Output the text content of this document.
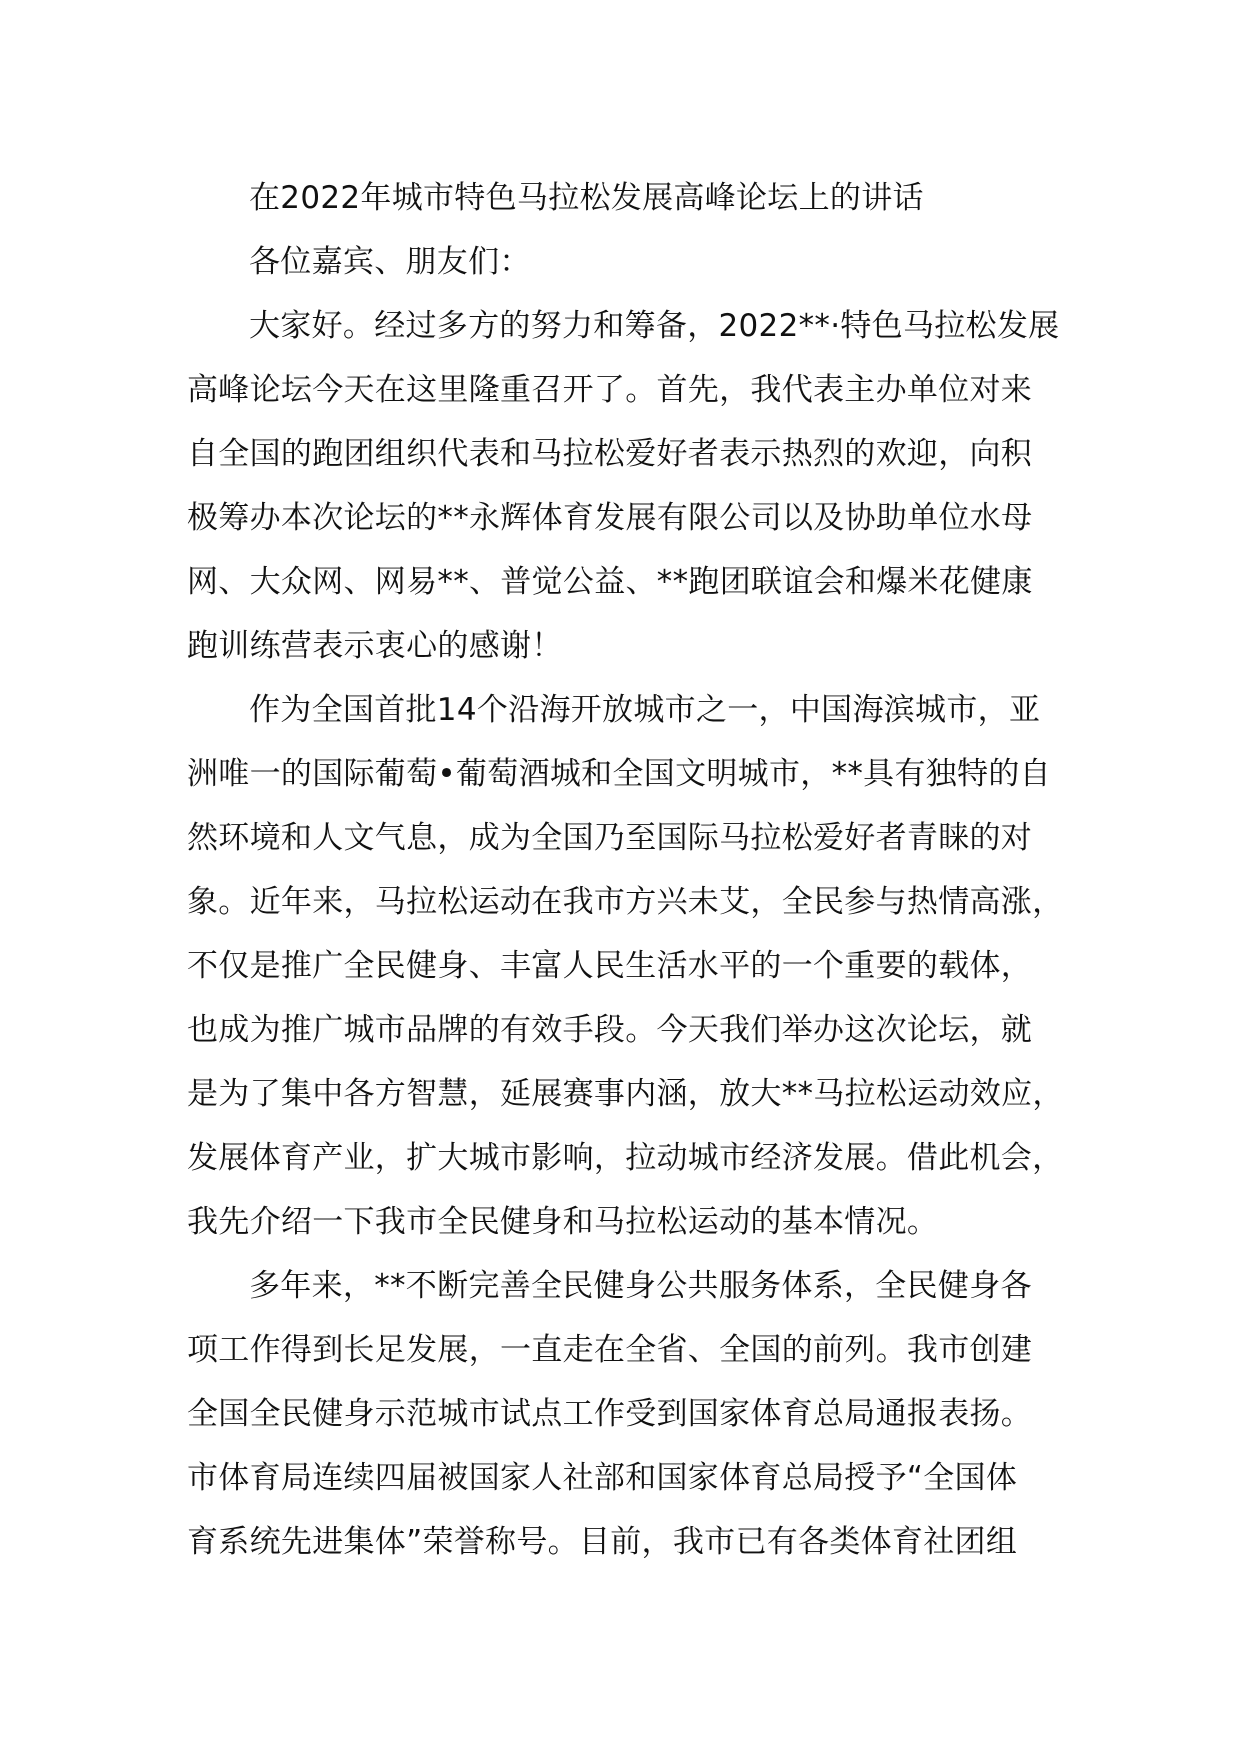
在2022年城市特色马拉松发展高峰论坛上的讲话
各位嘉宾、朋友们：
大家好。经过多方的努力和筹备，2022**·特色马拉松发展
高峰论坛今天在这里隆重召开了。首先，我代表主办单位对来
自全国的跑团组织代表和马拉松爱好者表示热烈的欢迎，向积
极筹办本次论坛的**永辉体育发展有限公司以及协助单位水母
网、大众网、网易**、普觉公益、**跑团联谊会和爆米花健康
跑训练营表示衷心的感谢！
作为全国首批14个沿海开放城市之一，中国海滨城市，亚
洲唯一的国际葡萄•葡萄酒城和全国文明城市，**具有独特的自
然环境和人文气息，成为全国乃至国际马拉松爱好者青睐的对
象。近年来，马拉松运动在我市方兴未艾，全民参与热情高涨，
不仅是推广全民健身、丰富人民生活水平的一个重要的载体，
也成为推广城市品牌的有效手段。今天我们举办这次论坛，就
是为了集中各方智慧，延展赛事内涵，放大**马拉松运动效应，
发展体育产业，扩大城市影响，拉动城市经济发展。借此机会，
我先介绍一下我市全民健身和马拉松运动的基本情况。
多年来，**不断完善全民健身公共服务体系，全民健身各
项工作得到长足发展，一直走在全省、全国的前列。我市创建
全国全民健身示范城市试点工作受到国家体育总局通报表扬。
市体育局连续四届被国家人社部和国家体育总局授予“全国体
育系统先进集体”荣誉称号。目前，我市已有各类体育社团组
